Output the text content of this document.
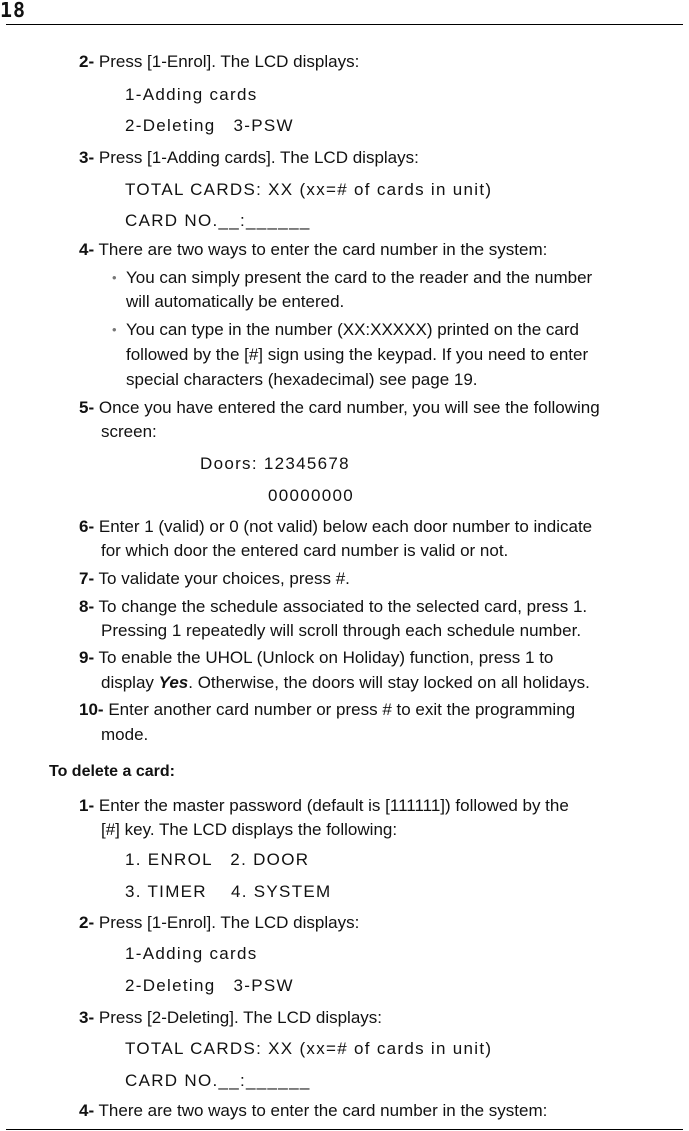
18
2- Press [1-Enrol]. The LCD displays:
1-Adding cards
2-Deleting   3-PSW
3- Press [1-Adding cards]. The LCD displays:
TOTAL CARDS: XX (xx=# of cards in unit)
CARD NO.__:______
4- There are two ways to enter the card number in the system:
• You can simply present the card to the reader and the number
will automatically be entered.
• You can type in the number (XX:XXXXX) printed on the card
followed by the [#] sign using the keypad. If you need to enter
special characters (hexadecimal) see page 19.
5- Once you have entered the card number, you will see the following
screen:
Doors: 12345678
00000000
6- Enter 1 (valid) or 0 (not valid) below each door number to indicate
for which door the entered card number is valid or not.
7- To validate your choices, press #.
8- To change the schedule associated to the selected card, press 1.
Pressing 1 repeatedly will scroll through each schedule number.
9- To enable the UHOL (Unlock on Holiday) function, press 1 to
display Yes. Otherwise, the doors will stay locked on all holidays.
10- Enter another card number or press # to exit the programming
mode.
To delete a card:
1- Enter the master password (default is [111111]) followed by the
[#] key. The LCD displays the following:
1. ENROL   2. DOOR
3. TIMER    4. SYSTEM
2- Press [1-Enrol]. The LCD displays:
1-Adding cards
2-Deleting   3-PSW
3- Press [2-Deleting]. The LCD displays:
TOTAL CARDS: XX (xx=# of cards in unit)
CARD NO.__:______
4- There are two ways to enter the card number in the system:
